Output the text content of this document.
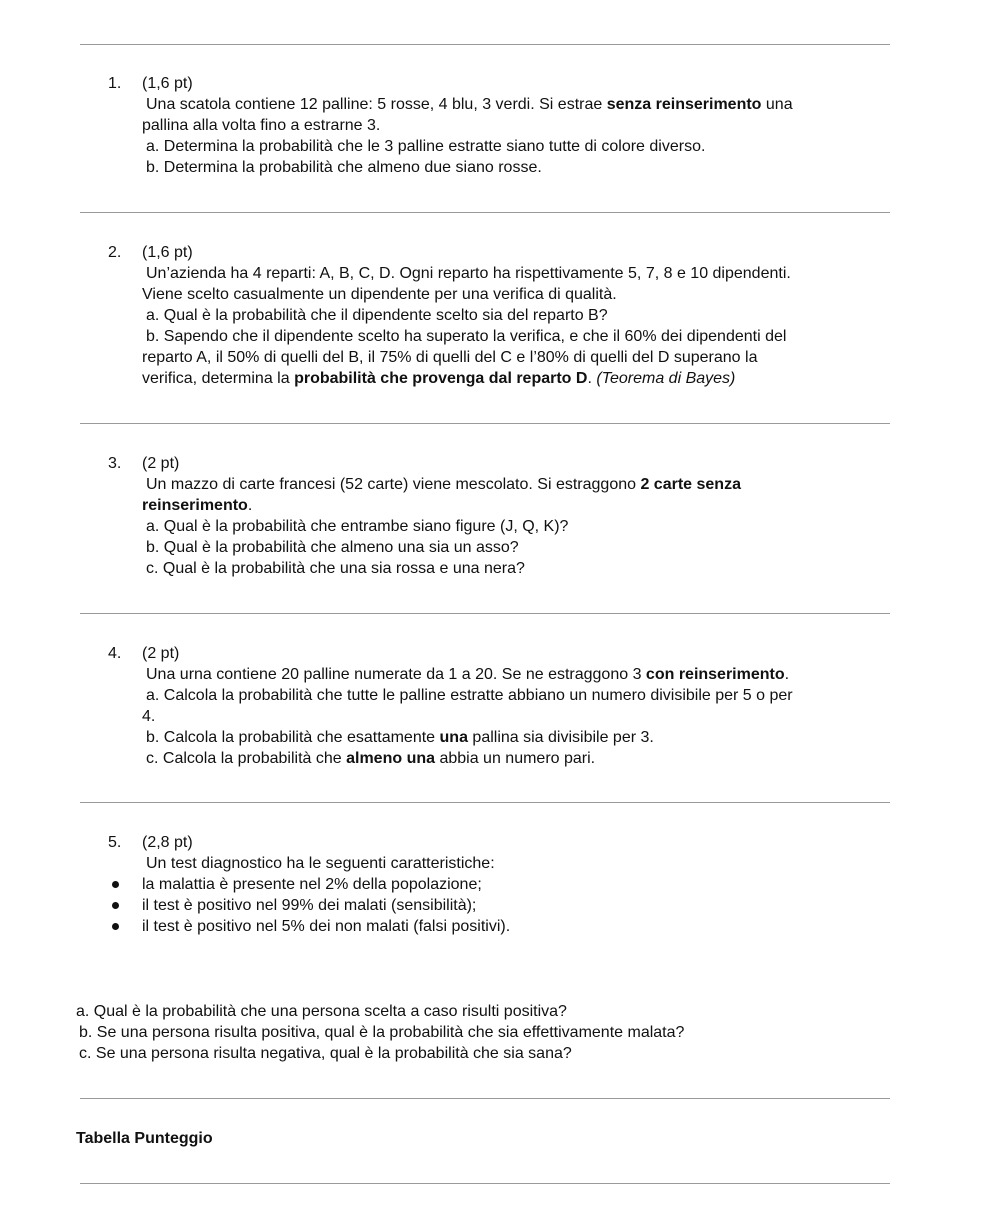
1. (1,6 pt)
Una scatola contiene 12 palline: 5 rosse, 4 blu, 3 verdi. Si estrae senza reinserimento una
pallina alla volta fino a estrarne 3.
a. Determina la probabilità che le 3 palline estratte siano tutte di colore diverso.
b. Determina la probabilità che almeno due siano rosse.
2. (1,6 pt)
Un’azienda ha 4 reparti: A, B, C, D. Ogni reparto ha rispettivamente 5, 7, 8 e 10 dipendenti.
Viene scelto casualmente un dipendente per una verifica di qualità.
a. Qual è la probabilità che il dipendente scelto sia del reparto B?
b. Sapendo che il dipendente scelto ha superato la verifica, e che il 60% dei dipendenti del
reparto A, il 50% di quelli del B, il 75% di quelli del C e l’80% di quelli del D superano la
verifica, determina la probabilità che provenga dal reparto D. (Teorema di Bayes)
3. (2 pt)
Un mazzo di carte francesi (52 carte) viene mescolato. Si estraggono 2 carte senza
reinserimento.
a. Qual è la probabilità che entrambe siano figure (J, Q, K)?
b. Qual è la probabilità che almeno una sia un asso?
c. Qual è la probabilità che una sia rossa e una nera?
4. (2 pt)
Una urna contiene 20 palline numerate da 1 a 20. Se ne estraggono 3 con reinserimento.
a. Calcola la probabilità che tutte le palline estratte abbiano un numero divisibile per 5 o per
4.
b. Calcola la probabilità che esattamente una pallina sia divisibile per 3.
c. Calcola la probabilità che almeno una abbia un numero pari.
5. (2,8 pt)
Un test diagnostico ha le seguenti caratteristiche:
la malattia è presente nel 2% della popolazione;
il test è positivo nel 99% dei malati (sensibilità);
il test è positivo nel 5% dei non malati (falsi positivi).
a. Qual è la probabilità che una persona scelta a caso risulti positiva?
b. Se una persona risulta positiva, qual è la probabilità che sia effettivamente malata?
c. Se una persona risulta negativa, qual è la probabilità che sia sana?
Tabella Punteggio
